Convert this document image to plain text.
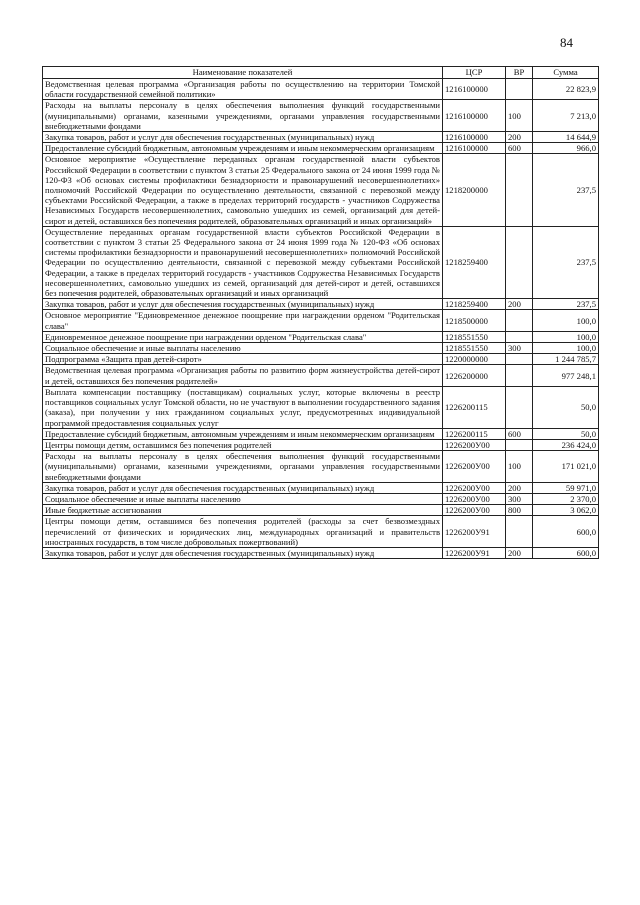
84
Наименование показателей	ЦСР	ВР	Сумма
Ведомственная целевая программа «Организация работы по осуществлению на территории Томской области государственной семейной политики»	1216100000		22 823,9
Расходы на выплаты персоналу в целях обеспечения выполнения функций государственными (муниципальными) органами, казенными учреждениями, органами управления государственными внебюджетными фондами	1216100000	100	7 213,0
Закупка товаров, работ и услуг для обеспечения государственных (муниципальных) нужд	1216100000	200	14 644,9
Предоставление субсидий бюджетным, автономным учреждениям и иным некоммерческим организациям	1216100000	600	966,0
Основное мероприятие «Осуществление переданных органам государственной власти субъектов Российской Федерации в соответствии с пунктом 3 статьи 25 Федерального закона от 24 июня 1999 года № 120-ФЗ «Об основах системы профилактики безнадзорности и правонарушений несовершеннолетних» полномочий Российской Федерации по осуществлению деятельности, связанной с перевозкой между субъектами Российской Федерации, а также в пределах территорий государств - участников Содружества Независимых Государств несовершеннолетних, самовольно ушедших из семей, организаций для детей-сирот и детей, оставшихся без попечения родителей, образовательных организаций и иных организаций»	1218200000		237,5
Осуществление переданных органам государственной власти субъектов Российской Федерации в соответствии с пунктом 3 статьи 25 Федерального закона от 24 июня 1999 года № 120-ФЗ «Об основах системы профилактики безнадзорности и правонарушений несовершеннолетних» полномочий Российской Федерации по осуществлению деятельности, связанной с перевозкой между субъектами Российской Федерации, а также в пределах территорий государств - участников Содружества Независимых Государств несовершеннолетних, самовольно ушедших из семей, организаций для детей-сирот и детей, оставшихся без попечения родителей, образовательных организаций и иных организаций	1218259400		237,5
Закупка товаров, работ и услуг для обеспечения государственных (муниципальных) нужд	1218259400	200	237,5
Основное мероприятие "Единовременное денежное поощрение при награждении орденом "Родительская слава"	1218500000		100,0
Единовременное денежное поощрение при награждении орденом "Родительская слава"	1218551550		100,0
Социальное обеспечение и иные выплаты населению	1218551550	300	100,0
Подпрограмма «Защита прав детей-сирот»	1220000000		1 244 785,7
Ведомственная целевая программа «Организация работы по развитию форм жизнеустройства детей-сирот и детей, оставшихся без попечения родителей»	1226200000		977 248,1
Выплата компенсации поставщику (поставщикам) социальных услуг, которые включены в реестр поставщиков социальных услуг Томской области, но не участвуют в выполнении государственного задания (заказа), при получении у них гражданином социальных услуг, предусмотренных индивидуальной программой предоставления социальных услуг	1226200115		50,0
Предоставление субсидий бюджетным, автономным учреждениям и иным некоммерческим организациям	1226200115	600	50,0
Центры помощи детям, оставшимся без попечения родителей	1226200У00		236 424,0
Расходы на выплаты персоналу в целях обеспечения выполнения функций государственными (муниципальными) органами, казенными учреждениями, органами управления государственными внебюджетными фондами	1226200У00	100	171 021,0
Закупка товаров, работ и услуг для обеспечения государственных (муниципальных) нужд	1226200У00	200	59 971,0
Социальное обеспечение и иные выплаты населению	1226200У00	300	2 370,0
Иные бюджетные ассигнования	1226200У00	800	3 062,0
Центры помощи детям, оставшимся без попечения родителей (расходы за счет безвозмездных перечислений от физических и юридических лиц, международных организаций и правительств иностранных государств, в том числе добровольных пожертвований)	1226200У91		600,0
Закупка товаров, работ и услуг для обеспечения государственных (муниципальных) нужд	1226200У91	200	600,0
